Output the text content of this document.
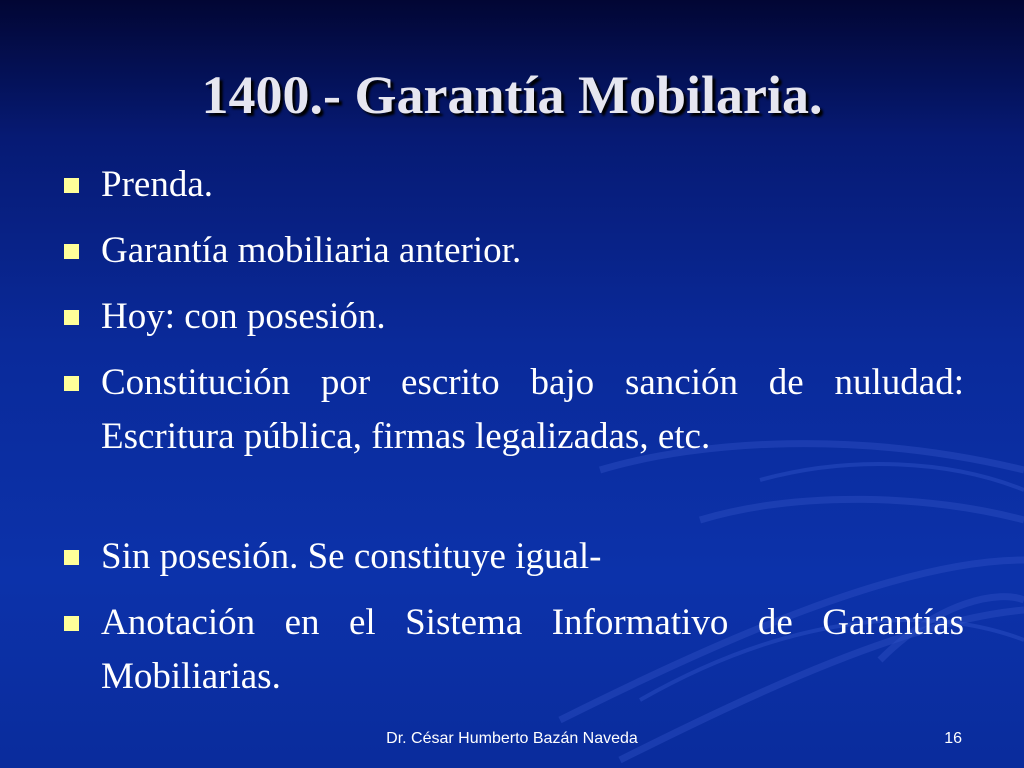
1400.- Garantía Mobilaria.
Prenda.
Garantía mobiliaria anterior.
Hoy: con posesión.
Constitución por escrito bajo sanción de nuludad: Escritura pública, firmas legalizadas, etc.
Sin posesión. Se constituye igual-
Anotación en el Sistema Informativo de Garantías Mobiliarias.
Dr. César Humberto Bazán Naveda	16
